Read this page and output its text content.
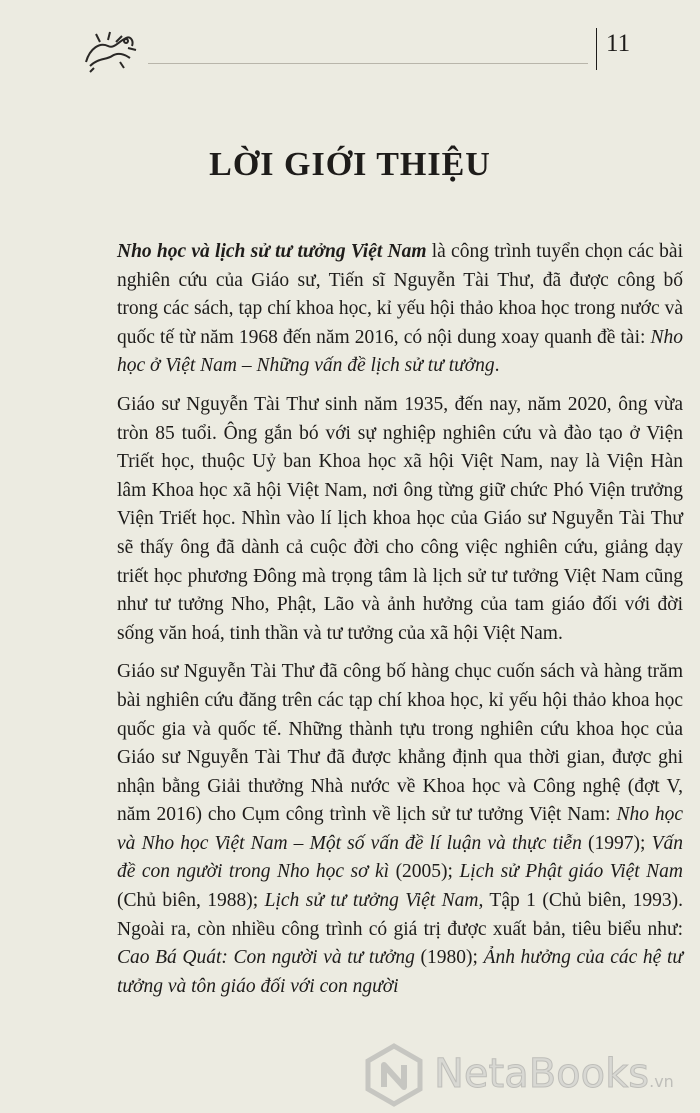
11
LỜI GIỚI THIỆU

Nho học và lịch sử tư tưởng Việt Nam là công trình tuyển chọn các bài nghiên cứu của Giáo sư, Tiến sĩ Nguyễn Tài Thư, đã được công bố trong các sách, tạp chí khoa học, kỉ yếu hội thảo khoa học trong nước và quốc tế từ năm 1968 đến năm 2016, có nội dung xoay quanh đề tài: Nho học ở Việt Nam – Những vấn đề lịch sử tư tưởng.

Giáo sư Nguyễn Tài Thư sinh năm 1935, đến nay, năm 2020, ông vừa tròn 85 tuổi. Ông gắn bó với sự nghiệp nghiên cứu và đào tạo ở Viện Triết học, thuộc Uỷ ban Khoa học xã hội Việt Nam, nay là Viện Hàn lâm Khoa học xã hội Việt Nam, nơi ông từng giữ chức Phó Viện trưởng Viện Triết học. Nhìn vào lí lịch khoa học của Giáo sư Nguyễn Tài Thư sẽ thấy ông đã dành cả cuộc đời cho công việc nghiên cứu, giảng dạy triết học phương Đông mà trọng tâm là lịch sử tư tưởng Việt Nam cũng như tư tưởng Nho, Phật, Lão và ảnh hưởng của tam giáo đối với đời sống văn hoá, tinh thần và tư tưởng của xã hội Việt Nam.

Giáo sư Nguyễn Tài Thư đã công bố hàng chục cuốn sách và hàng trăm bài nghiên cứu đăng trên các tạp chí khoa học, kỉ yếu hội thảo khoa học quốc gia và quốc tế. Những thành tựu trong nghiên cứu khoa học của Giáo sư Nguyễn Tài Thư đã được khẳng định qua thời gian, được ghi nhận bằng Giải thưởng Nhà nước về Khoa học và Công nghệ (đợt V, năm 2016) cho Cụm công trình về lịch sử tư tưởng Việt Nam: Nho học và Nho học Việt Nam – Một số vấn đề lí luận và thực tiễn (1997); Vấn đề con người trong Nho học sơ kì (2005); Lịch sử Phật giáo Việt Nam (Chủ biên, 1988); Lịch sử tư tưởng Việt Nam, Tập 1 (Chủ biên, 1993). Ngoài ra, còn nhiều công trình có giá trị được xuất bản, tiêu biểu như: Cao Bá Quát: Con người và tư tưởng (1980); Ảnh hưởng của các hệ tư tưởng và tôn giáo đối với con người

NetaBooks.vn
